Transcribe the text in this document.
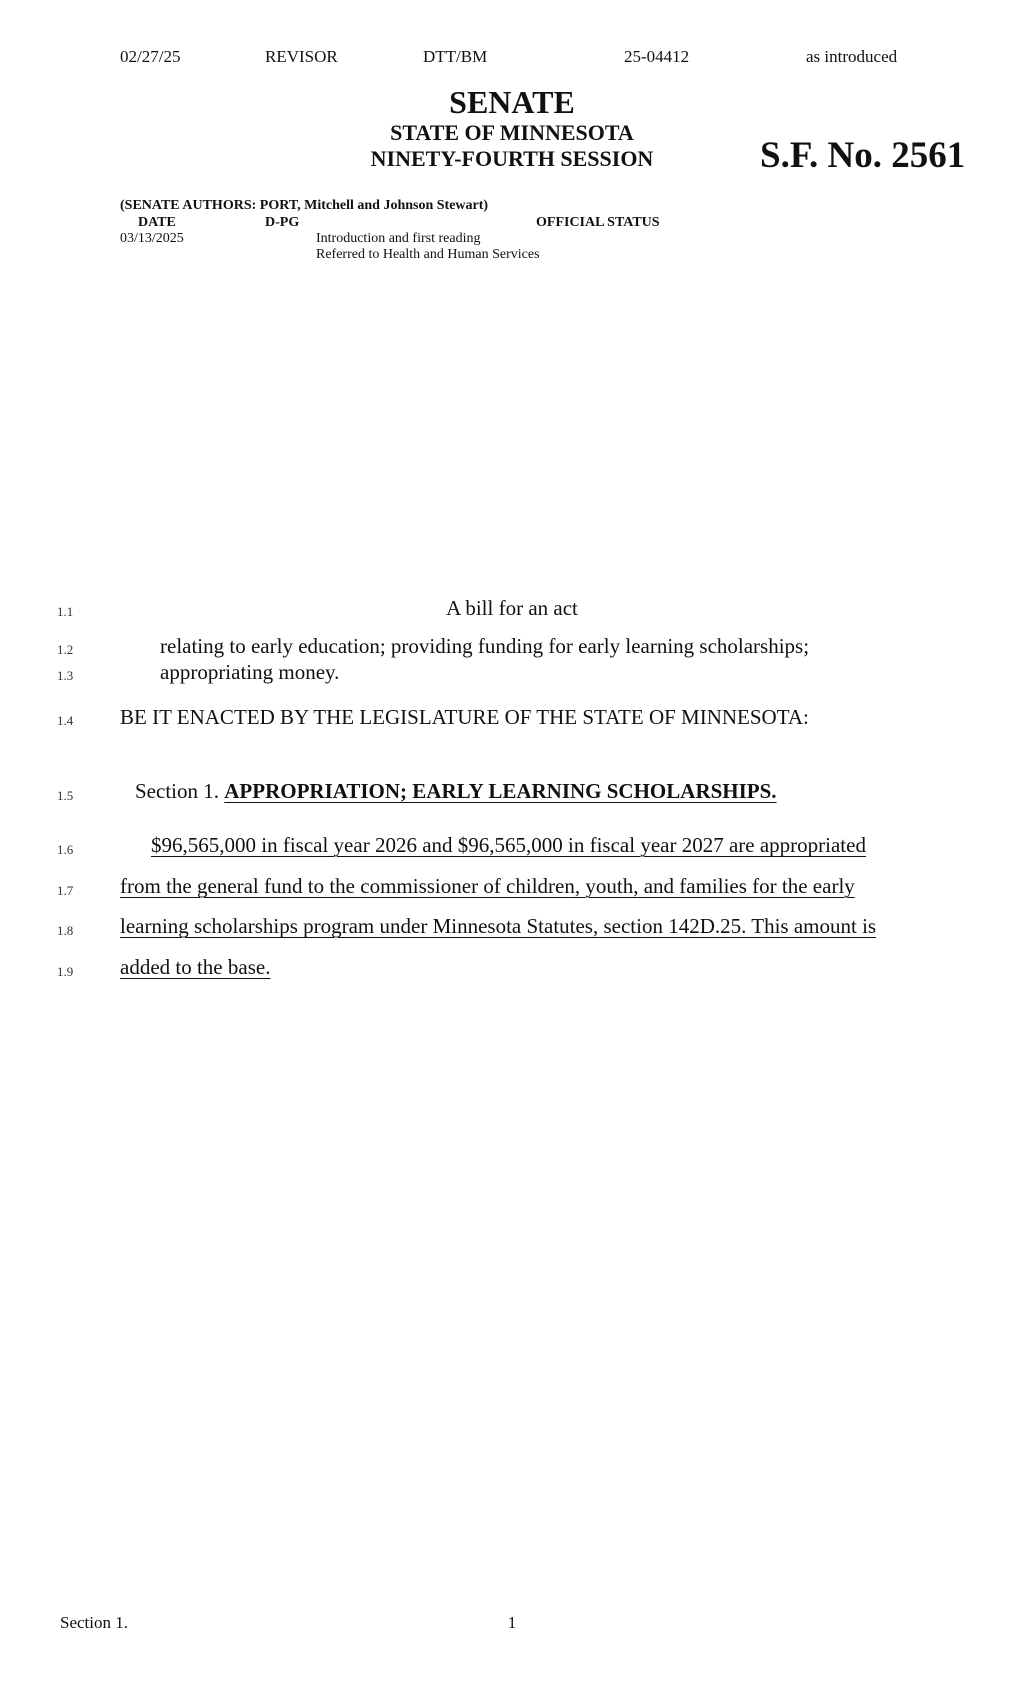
02/27/25	REVISOR	DTT/BM	25-04412	as introduced
SENATE
STATE OF MINNESOTA
NINETY-FOURTH SESSION	S.F. No. 2561
(SENATE AUTHORS: PORT, Mitchell and Johnson Stewart)
DATE	D-PG	OFFICIAL STATUS
03/13/2025	Introduction and first reading
Referred to Health and Human Services
1.1	A bill for an act
1.2	relating to early education; providing funding for early learning scholarships;
1.3	appropriating money.
1.4 BE IT ENACTED BY THE LEGISLATURE OF THE STATE OF MINNESOTA:
1.5	Section 1. APPROPRIATION; EARLY LEARNING SCHOLARSHIPS.
1.6	$96,565,000 in fiscal year 2026 and $96,565,000 in fiscal year 2027 are appropriated
1.7 from the general fund to the commissioner of children, youth, and families for the early
1.8 learning scholarships program under Minnesota Statutes, section 142D.25. This amount is
1.9 added to the base.
Section 1.	1
